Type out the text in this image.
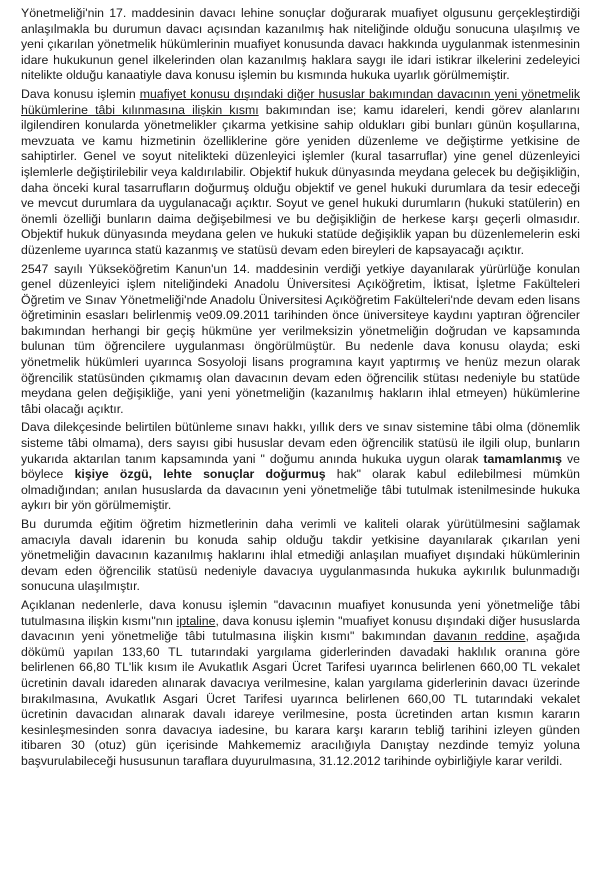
Yönetmeliği'nin 17. maddesinin davacı lehine sonuçlar doğurarak muafiyet olgusunu gerçekleştirdiği anlaşılmakla bu durumun davacı açısından kazanılmış hak niteliğinde olduğu sonucuna ulaşılmış ve yeni çıkarılan yönetmelik hükümlerinin muafiyet konusunda davacı hakkında uygulanmak istenmesinin idare hukukunun genel ilkelerinden olan kazanılmış haklara saygı ile idari istikrar ilkelerini zedeleyici nitelikte olduğu kanaatiyle dava konusu işlemin bu kısmında hukuka uyarlık görülmemiştir.

Dava konusu işlemin muafiyet konusu dışındaki diğer hususlar bakımından davacının yeni yönetmelik hükümlerine tâbi kılınmasına ilişkin kısmı bakımından ise; kamu idareleri, kendi görev alanlarını ilgilendiren konularda yönetmelikler çıkarma yetkisine sahip oldukları gibi bunları günün koşullarına, mevzuata ve kamu hizmetinin özelliklerine göre yeniden düzenleme ve değiştirme yetkisine de sahiptirler. Genel ve soyut nitelikteki düzenleyici işlemler (kural tasarruflar) yine genel düzenleyici işlemlerle değiştirilebilir veya kaldırılabilir. Objektif hukuk dünyasında meydana gelecek bu değişikliğin, daha önceki kural tasarrufların doğurmuş olduğu objektif ve genel hukuki durumlara da tesir edeceği ve mevcut durumlara da uygulanacağı açıktır. Soyut ve genel hukuki durumların (hukuki statülerin) en önemli özelliği bunların daima değişebilmesi ve bu değişikliğin de herkese karşı geçerli olmasıdır. Objektif hukuk dünyasında meydana gelen ve hukuki statüde değişiklik yapan bu düzenlemelerin eski düzenleme uyarınca statü kazanmış ve statüsü devam eden bireyleri de kapsayacağı açıktır.

2547 sayılı Yükseköğretim Kanun'un 14. maddesinin verdiği yetkiye dayanılarak yürürlüğe konulan genel düzenleyici işlem niteliğindeki Anadolu Üniversitesi Açıköğretim, İktisat, İşletme Fakülteleri Öğretim ve Sınav Yönetmeliği'nde Anadolu Üniversitesi Açıköğretim Fakülteleri'nde devam eden lisans öğretiminin esasları belirlenmiş ve09.09.2011 tarihinden önce üniversiteye kaydını yaptıran öğrenciler bakımından herhangi bir geçiş hükmüne yer verilmeksizin yönetmeliğin doğrudan ve kapsamında bulunan tüm öğrencilere uygulanması öngörülmüştür. Bu nedenle dava konusu olayda; eski yönetmelik hükümleri uyarınca Sosyoloji lisans programına kayıt yaptırmış ve henüz mezun olarak öğrencilik statüsünden çıkmamış olan davacının devam eden öğrencilik stütası nedeniyle bu statüde meydana gelen değişikliğe, yani yeni yönetmeliğin (kazanılmış hakların ihlal etmeyen) hükümlerine tâbi olacağı açıktır.

Dava dilekçesinde belirtilen bütünleme sınavı hakkı, yıllık ders ve sınav sistemine tâbi olma (dönemlik sisteme tâbi olmama), ders sayısı gibi hususlar devam eden öğrencilik statüsü ile ilgili olup, bunların yukarıda aktarılan tanım kapsamında yani " doğumu anında hukuka uygun olarak tamamlanmış ve böylece kişiye özgü, lehte sonuçlar doğurmuş hak" olarak kabul edilebilmesi mümkün olmadığından; anılan hususlarda da davacının yeni yönetmeliğe tâbi tutulmak istenilmesinde hukuka aykırı bir yön görülmemiştir.

Bu durumda eğitim öğretim hizmetlerinin daha verimli ve kaliteli olarak yürütülmesini sağlamak amacıyla davalı idarenin bu konuda sahip olduğu takdir yetkisine dayanılarak çıkarılan yeni yönetmeliğin davacının kazanılmış haklarını ihlal etmediği anlaşılan muafiyet dışındaki hükümlerinin devam eden öğrencilik statüsü nedeniyle davacıya uygulanmasında hukuka aykırılık bulunmadığı sonucuna ulaşılmıştır.

Açıklanan nedenlerle, dava konusu işlemin "davacının muafiyet konusunda yeni yönetmeliğe tâbi tutulmasına ilişkin kısmı"nın iptaline, dava konusu işlemin "muafiyet konusu dışındaki diğer hususlarda davacının yeni yönetmeliğe tâbi tutulmasına ilişkin kısmı" bakımından davanın reddine, aşağıda dökümü yapılan 133,60 TL tutarındaki yargılama giderlerinden davadaki haklılık oranına göre belirlenen 66,80 TL'lik kısım ile Avukatlık Asgari Ücret Tarifesi uyarınca belirlenen 660,00 TL vekalet ücretinin davalı idareden alınarak davacıya verilmesine, kalan yargılama giderlerinin davacı üzerinde bırakılmasına, Avukatlık Asgari Ücret Tarifesi uyarınca belirlenen 660,00 TL tutarındaki vekalet ücretinin davacıdan alınarak davalı idareye verilmesine, posta ücretinden artan kısmın kararın kesinleşmesinden sonra davacıya iadesine, bu karara karşı kararın tebliğ tarihini izleyen günden itibaren 30 (otuz) gün içerisinde Mahkememiz aracılığıyla Danıştay nezdinde temyiz yoluna başvurulabileceği hususunun taraflara duyurulmasına, 31.12.2012 tarihinde oybirliğiyle karar verildi.
